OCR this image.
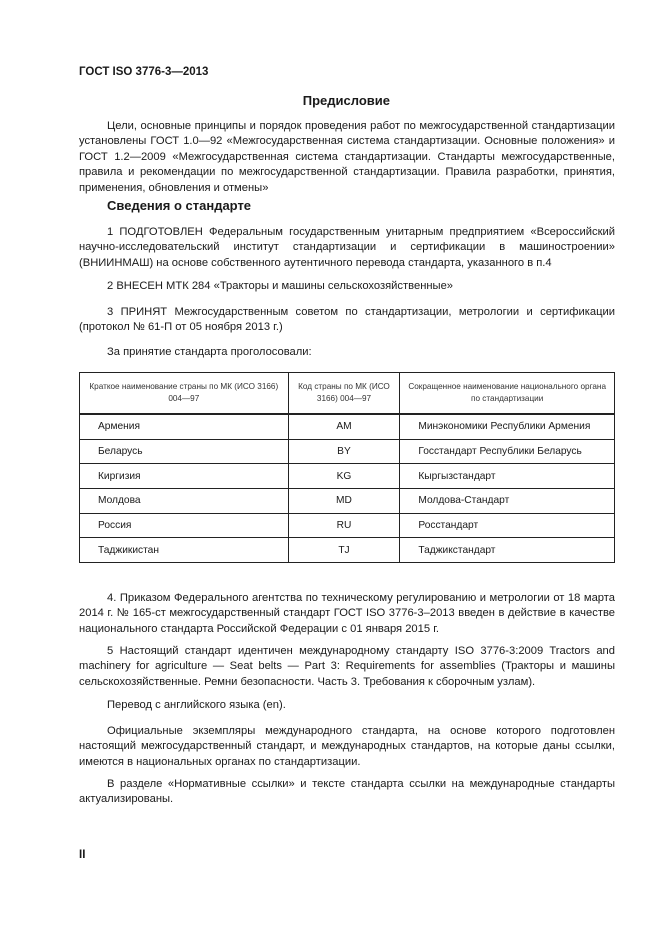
ГОСТ ISO 3776-3—2013
Предисловие

Цели, основные принципы и порядок проведения работ по межгосударственной стандартизации установлены ГОСТ 1.0—92 «Межгосударственная система стандартизации. Основные положения» и ГОСТ 1.2—2009 «Межгосударственная система стандартизации. Стандарты межгосударственные, правила и рекомендации по межгосударственной стандартизации. Правила разработки, принятия, применения, обновления и отмены»

Сведения о стандарте

1 ПОДГОТОВЛЕН Федеральным государственным унитарным предприятием «Всероссийский научно-исследовательский институт стандартизации и сертификации в машиностроении» (ВНИИНМАШ) на основе собственного аутентичного перевода стандарта, указанного в п.4

2 ВНЕСЕН МТК 284 «Тракторы и машины сельскохозяйственные»

3 ПРИНЯТ Межгосударственным советом по стандартизации, метрологии и сертификации (протокол № 61-П от 05 ноября 2013 г.)

За принятие стандарта проголосовали:

Краткое наименование страны по МК (ИСО 3166) 004—97	Код страны по МК (ИСО 3166) 004—97	Сокращенное наименование национального органа по стандартизации
Армения	AM	Минэкономики Республики Армения
Беларусь	BY	Госстандарт Республики Беларусь
Киргизия	KG	Кыргызстандарт
Молдова	MD	Молдова-Стандарт
Россия	RU	Росстандарт
Таджикистан	TJ	Таджикстандарт

4. Приказом Федерального агентства по техническому регулированию и метрологии от 18 марта 2014 г. № 165-ст межгосударственный стандарт ГОСТ ISO 3776-3–2013 введен в действие в качестве национального стандарта Российской Федерации с 01 января 2015 г.

5 Настоящий стандарт идентичен международному стандарту ISO 3776-3:2009 Tractors and machinery for agriculture — Seat belts — Part 3: Requirements for assemblies (Тракторы и машины сельскохозяйственные. Ремни безопасности. Часть 3. Требования к сборочным узлам).

Перевод с английского языка (en).

Официальные экземпляры международного стандарта, на основе которого подготовлен настоящий межгосударственный стандарт, и международных стандартов, на которые даны ссылки, имеются в национальных органах по стандартизации.

В разделе «Нормативные ссылки» и тексте стандарта ссылки на международные стандарты актуализированы.

II
